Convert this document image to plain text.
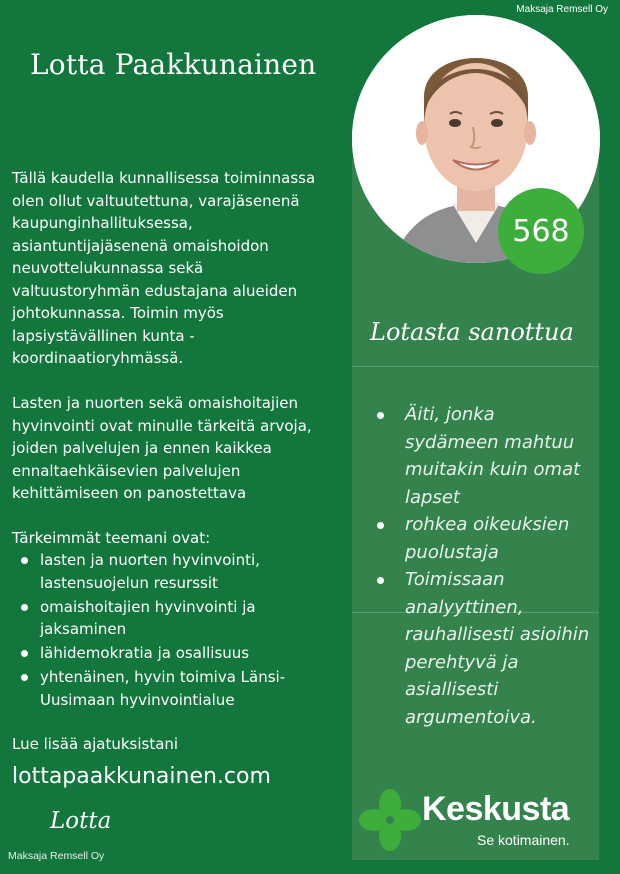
Maksaja Remsell Oy
Lotta Paakkunainen
Tällä kaudella kunnallisessa toiminnassa olen ollut valtuutettuna, varajäsenenä kaupunginhallituksessa, asiantuntijajäsenenä omaishoidon neuvottelukunnassa sekä valtuustoryhmän edustajana alueiden johtokunnassa. Toimin myös lapsiystävällinen kunta -koordinaatioryhmässä.
Lasten ja nuorten sekä omaishoitajien hyvinvointi ovat minulle tärkeitä arvoja, joiden palvelujen ja ennen kaikkea ennaltaehkäisevien palvelujen kehittämiseen on panostettava
Tärkeimmät teemani ovat:
lasten ja nuorten hyvinvointi, lastensuojelun resurssit
omaishoitajien hyvinvointi ja jaksaminen
lähidemokratia ja osallisuus
yhtenäinen, hyvin toimiva Länsi-Uusimaan hyvinvointialue
Lue lisää ajatuksistani
lottapaakkunainen.com
Lotta
Maksaja Remsell Oy
568
Lotasta sanottua
Äiti, jonka sydämeen mahtuu muitakin kuin omat lapset
rohkea oikeuksien puolustaja
Toimissaan analyyttinen, rauhallisesti asioihin perehtyvä ja asiallisesti argumentoiva.
Keskusta
Se kotimainen.
